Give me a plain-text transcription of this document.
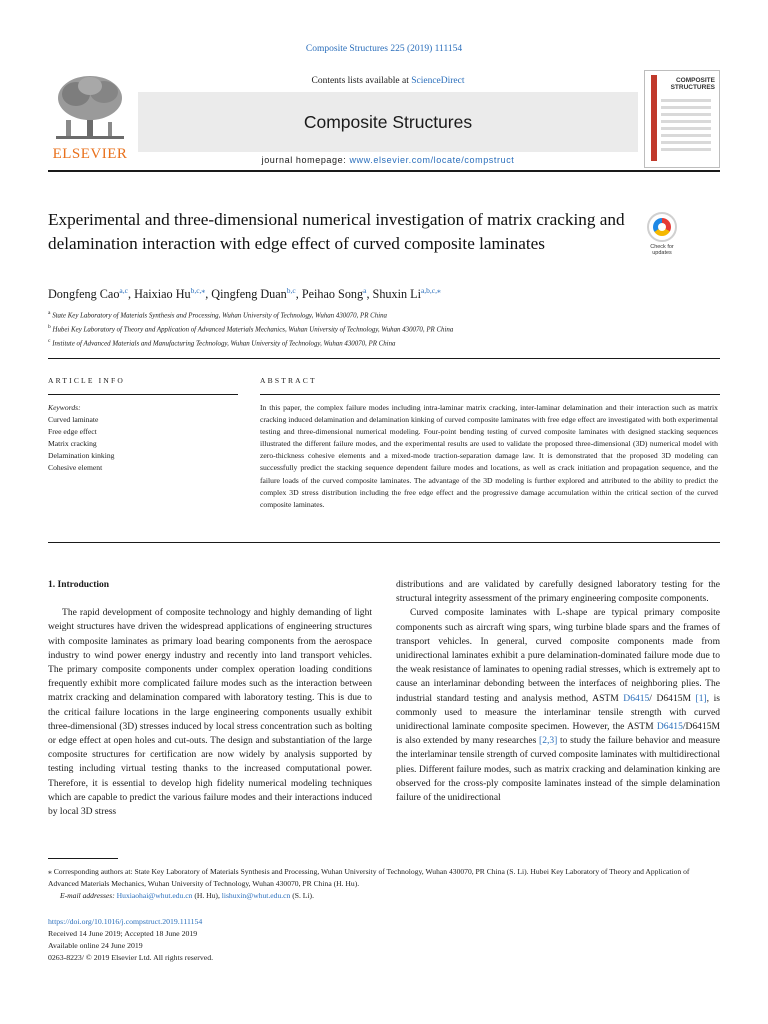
Composite Structures 225 (2019) 111154
ELSEVIER
Contents lists available at ScienceDirect
Composite Structures
journal homepage: www.elsevier.com/locate/compstruct
COMPOSITE
STRUCTURES
Experimental and three-dimensional numerical investigation of matrix cracking and delamination interaction with edge effect of curved composite laminates	Check for
updates
Dongfeng Cao$^{a,c}$, Haixiao $Hu^{b,c,⁎}$, Qingfeng Duan$^{b,c}$, Peihao Song$^a$, Shuxin $Li^{a,b,c,⁎}$
$^a$ State Key Laboratory of Materials Synthesis and Processing, Wuhan University of Technology, Wuhan 430070, PR China
$^b$ Hubei Key Laboratory of Theory and Application of Advanced Materials Mechanics, Wuhan University of Technology, Wuhan 430070, PR China
$^c$ Institute of Advanced Materials and Manufacturing Technology, Wuhan University of Technology, Wuhan 430070, PR China
ARTICLE INFO	ABSTRACT
Keywords:
Curved laminate
Free edge effect
Matrix cracking
Delamination kinking
Cohesive element
In this paper, the complex failure modes including intra-laminar matrix cracking, inter-laminar delamination and their interaction such as matrix cracking induced delamination and delamination kinking of curved composite laminates with free edge effect are investigated with both experimental testing and three-dimensional numerical modeling. Four-point bending testing of curved composite laminates with designed stacking sequences illustrated the different failure modes, and the experimental results are used to validate the proposed three-dimensional (3D) numerical model with zero-thickness cohesive elements and a mixed-mode traction-separation damage law. It is demonstrated that the proposed 3D modeling can successfully predict the stacking sequence dependent failure modes and locations, as well as crack initiation and propagation sequence, and the failure loads of the curved composite laminates. The advantage of the 3D modeling is further explored and attributed to the ability to predict the complex 3D stress distribution including the free edge effect and the progressive damage accumulation within the critical section of the curved composite laminates.
1. Introduction

The rapid development of composite technology and highly demanding of light weight structures have driven the widespread applications of engineering structures with composite laminates as primary load bearing components from the aerospace industry to wind power energy industry and recently into land transport vehicles. The primary composite components under complex operation loading conditions frequently exhibit more complicated failure modes such as the interaction between matrix cracking and delamination compared with laboratory testing. This is due to the critical failure locations in the large engineering components usually exhibit three-dimensional (3D) stresses induced by local stress concentration such as bolting or edge effect at open holes and cut-outs. The design and substantiation of the large composite structures for certification are now widely by analysis supported by testing including virtual testing thanks to the increased computational power. Therefore, it is essential to develop high fidelity numerical modeling techniques which are capable to predict the various failure modes and their interactions induced by local 3D stress

distributions and are validated by carefully designed laboratory testing for the structural integrity assessment of the primary engineering composite components.

Curved composite laminates with L-shape are typical primary composite components such as aircraft wing spars, wing turbine blade spars and the frames of transport vehicles. In general, curved composite components made from unidirectional laminates exhibit a pure delamination-dominated failure mode due to the weak resistance of laminates to opening radial stresses, which is extremely apt to cause an interlaminar debonding between the interfaces of neighboring plies. The industrial standard testing and analysis method, ASTM D6415/ D6415M [1], is commonly used to measure the interlaminar tensile strength with curved unidirectional laminate composite specimen. However, the ASTM D6415/D6415M is also extended by many researches [2,3] to study the failure behavior and measure the interlaminar tensile strength of curved composite laminates with multidirectional plies. Different failure modes, such as matrix cracking and delamination kinking are observed for the cross-ply composite laminates instead of the simple delamination failure of the unidirectional

⁎ Corresponding authors at: State Key Laboratory of Materials Synthesis and Processing, Wuhan University of Technology, Wuhan 430070, PR China (S. Li). Hubei Key Laboratory of Theory and Application of Advanced Materials Mechanics, Wuhan University of Technology, Wuhan 430070, PR China (H. Hu).
E-mail addresses: Huxiaohai@whut.edu.cn (H. Hu), lishuxin@whut.edu.cn (S. Li).
https://doi.org/10.1016/j.compstruct.2019.111154
Received 14 June 2019; Accepted 18 June 2019
Available online 24 June 2019
0263-8223/ © 2019 Elsevier Ltd. All rights reserved.
